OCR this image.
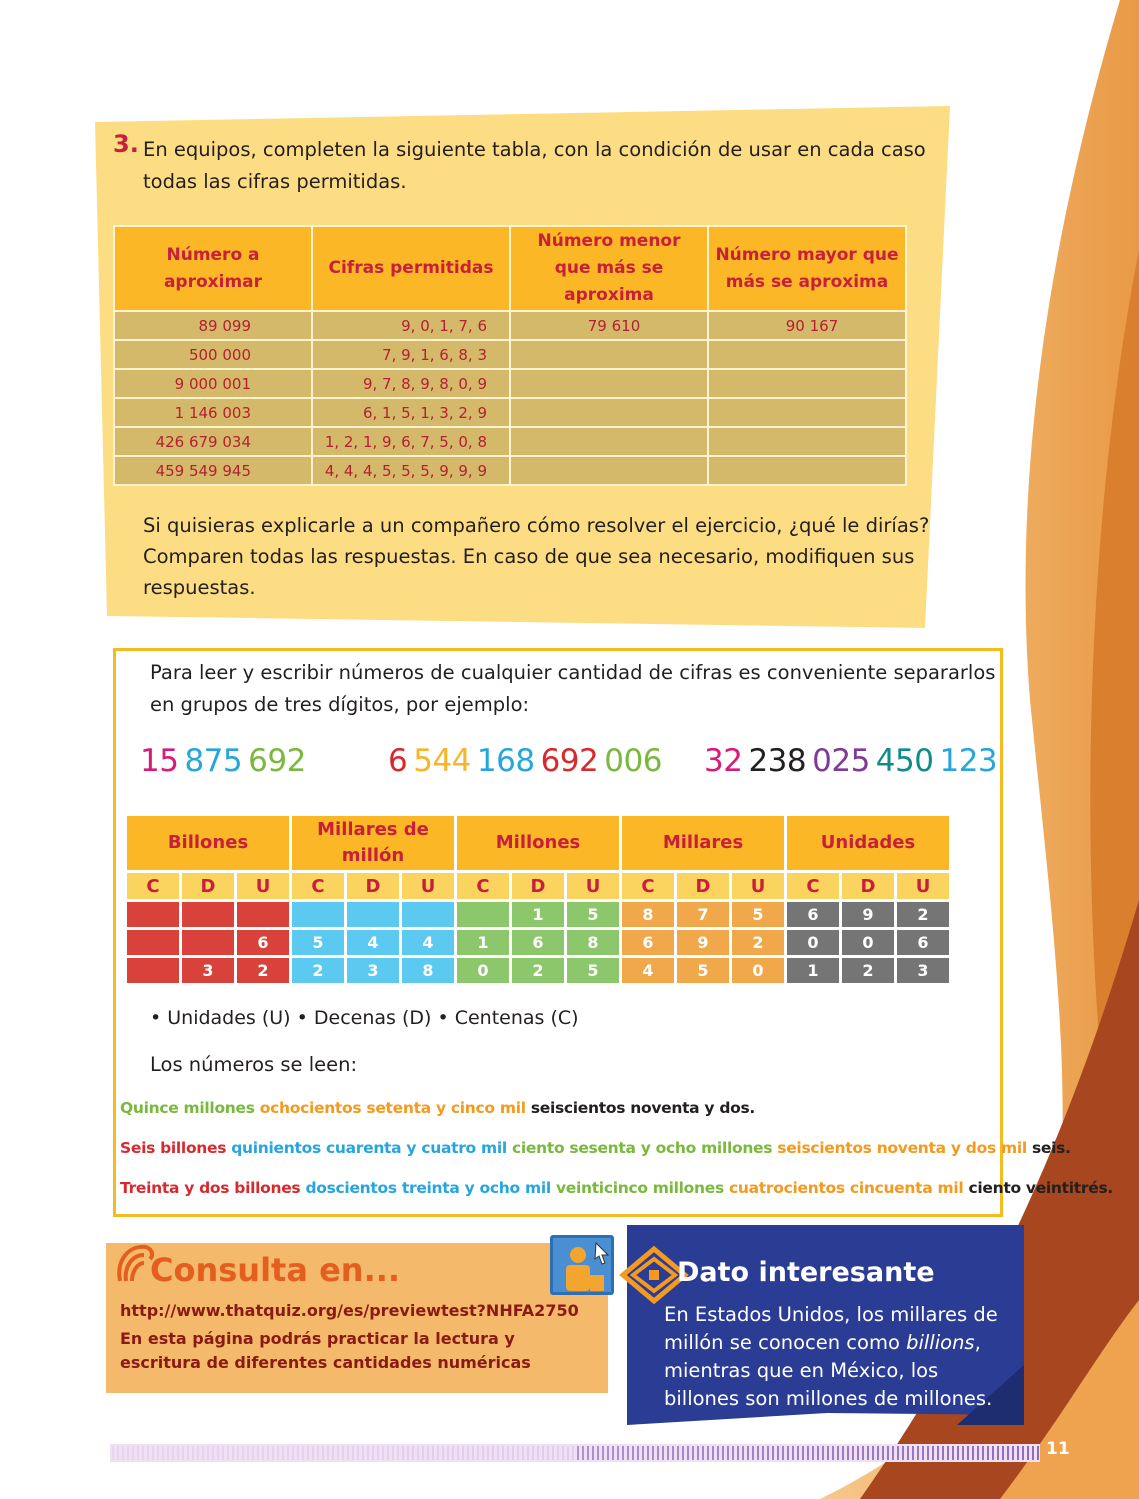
3. En equipos, completen la siguiente tabla, con la condición de usar en cada caso todas las cifras permitidas.
Número a aproximar	Cifras permitidas	Número menor que más se aproxima	Número mayor que más se aproxima
89 099	9, 0, 1, 7, 6	79 610	90 167
500 000	7, 9, 1, 6, 8, 3		
9 000 001	9, 7, 8, 9, 8, 0, 9		
1 146 003	6, 1, 5, 1, 3, 2, 9		
426 679 034	1, 2, 1, 9, 6, 7, 5, 0, 8		
459 549 945	4, 4, 4, 5, 5, 5, 9, 9, 9		
Si quisieras explicarle a un compañero cómo resolver el ejercicio, ¿qué le dirías? Comparen todas las respuestas. En caso de que sea necesario, modifiquen sus respuestas.
Para leer y escribir números de cualquier cantidad de cifras es conveniente separarlos en grupos de tres dígitos, por ejemplo:
15 875 692	6 544 168 692 006 32 238 025 450 123
Billones			Millares de millón			Millones			Millares			Unidades		
C	D	U	C	D	U	C	D	U	C	D	U	C	D	U
							1	5	8	7	5	6	9	2
		6	5	4	4	1	6	8	6	9	2	0	0	6
	3	2	2	3	8	0	2	5	4	5	0	1	2	3
• Unidades (U) • Decenas (D) • Centenas (C)
Los números se leen:
Quince millones ochocientos setenta y cinco mil seiscientos noventa y dos.
Seis billones quinientos cuarenta y cuatro mil ciento sesenta y ocho millones seiscientos noventa y dos mil seis.
Treinta y dos billones doscientos treinta y ocho mil veinticinco millones cuatrocientos cincuenta mil ciento veintitrés.
Consulta en...
http://www.thatquiz.org/es/previewtest?NHFA2750
En esta página podrás practicar la lectura y escritura de diferentes cantidades numéricas
Dato interesante
En Estados Unidos, los millares de millón se conocen como billions, mientras que en México, los billones son millones de millones.
11
